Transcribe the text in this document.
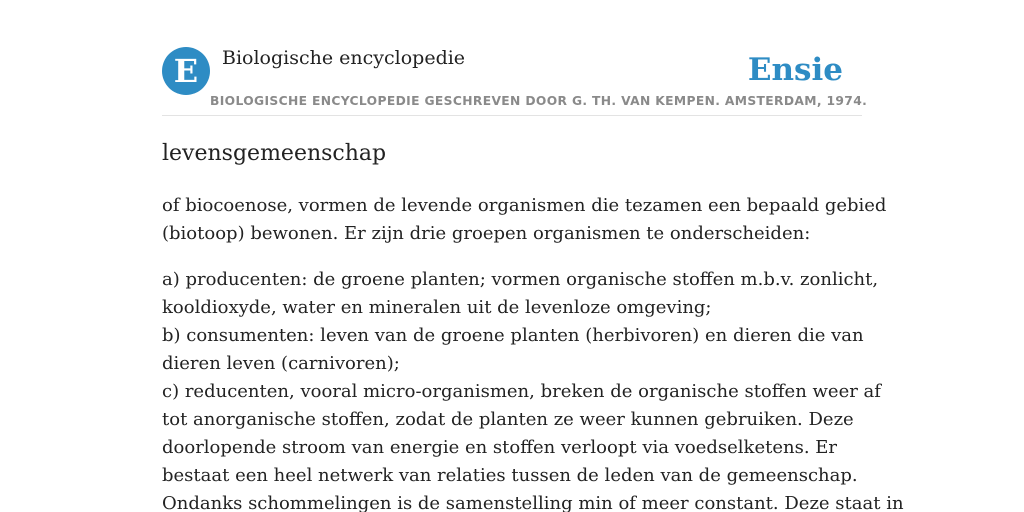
E	Biologische encyclopedie	Ensie
BIOLOGISCHE ENCYCLOPEDIE GESCHREVEN DOOR G. TH. VAN KEMPEN. AMSTERDAM, 1974.
levensgemeenschap

of biocoenose, vormen de levende organismen die tezamen een bepaald gebied
(biotoop) bewonen. Er zijn drie groepen organismen te onderscheiden:

a) producenten: de groene planten; vormen organische stoffen m.b.v. zonlicht,
kooldioxyde, water en mineralen uit de levenloze omgeving;
b) consumenten: leven van de groene planten (herbivoren) en dieren die van
dieren leven (carnivoren);
c) reducenten, vooral micro-organismen, breken de organische stoffen weer af
tot anorganische stoffen, zodat de planten ze weer kunnen gebruiken. Deze
doorlopende stroom van energie en stoffen verloopt via voedselketens. Er
bestaat een heel netwerk van relaties tussen de leden van de gemeenschap.
Ondanks schommelingen is de samenstelling min of meer constant. Deze staat in
